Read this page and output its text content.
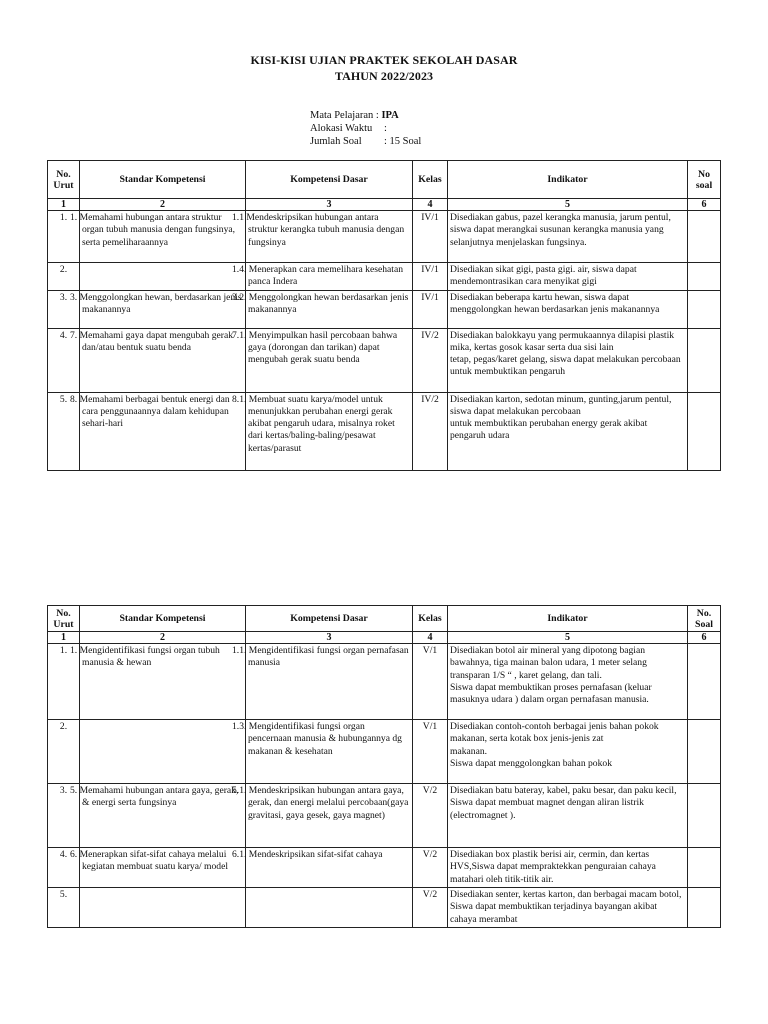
KISI-KISI UJIAN PRAKTEK SEKOLAH DASAR
TAHUN 2022/2023
Mata Pelajaran :
IPA
Alokasi Waktu	:
Jumlah Soal	: 15 Soal
No. Urut	Standar Kompetensi	Kompetensi Dasar	Kelas	Indikator	No soal
1	2	3	4	5	6
1.	1. Memahami hubungan antara struktur organ tubuh manusia dengan fungsinya, serta pemeliharaannya	1.1 Mendeskripsikan hubungan antara struktur kerangka tubuh manusia dengan fungsinya	IV/1	Disediakan gabus, pazel kerangka manusia, jarum pentul, siswa dapat merangkai susunan kerangka manusia yang selanjutnya menjelaskan fungsinya.	
2.		1.4. Menerapkan cara memelihara kesehatan panca Indera	IV/1	Disediakan sikat gigi, pasta gigi. air, siswa dapat mendemontrasikan cara menyikat gigi	
3.	3. Menggolongkan hewan, berdasarkan jenis makanannya	3.2. Menggolongkan hewan berdasarkan jenis makanannya	IV/1	Disediakan beberapa kartu hewan, siswa dapat menggolongkan hewan berdasarkan jenis makanannya	
4.	7. Memahami gaya dapat mengubah gerak dan/atau bentuk suatu benda	7.1. Menyimpulkan hasil percobaan bahwa gaya (dorongan dan tarikan) dapat mengubah gerak suatu benda	IV/2	Disediakan balokkayu yang permukaannya dilapisi plastik mika, kertas gosok kasar serta dua sisi lain
tetap, pegas/karet gelang, siswa dapat melakukan percobaan untuk membuktikan pengaruh	

5.	8. Memahami berbagai bentuk energi dan cara penggunaannya dalam kehidupan sehari-hari	8.1. Membuat suatu karya/model untuk menunjukkan perubahan energi gerak akibat pengaruh udara, misalnya roket dari kertas/baling-baling/pesawat kertas/parasut	IV/2	Disediakan karton, sedotan minum, gunting,jarum pentul, siswa dapat melakukan percobaan
untuk membuktikan perubahan energy gerak akibat pengaruh udara	

No. Urut	Standar Kompetensi	Kompetensi Dasar	Kelas	Indikator	No. Soal
1	2	3	4	5	6
1.	1. Mengidentifikasi fungsi organ tubuh manusia & hewan	1.1. Mengidentifikasi fungsi organ pernafasan manusia	V/1	Disediakan botol air mineral yang dipotong bagian bawahnya, tiga mainan balon udara, 1 meter selang transparan 1/S “ , karet gelang, dan tali.
Siswa dapat membuktikan proses pernafasan (keluar masuknya udara ) dalam organ pernafasan manusia.	

2.		1.3. Mengidentifikasi fungsi organ pencernaan manusia & hubungannya dg makanan & kesehatan	V/1	Disediakan contoh-contoh berbagai jenis bahan pokok makanan, serta kotak box jenis-jenis zat
makanan.
Siswa dapat menggolongkan bahan pokok	

3.	5. Memahami hubungan antara gaya, gerak, & energi serta fungsinya	5.1. Mendeskripsikan hubungan antara gaya, gerak, dan energi melalui percobaan(gaya gravitasi, gaya gesek, gaya magnet)	V/2	Disediakan batu bateray, kabel, paku besar, dan paku kecil, Siswa dapat membuat magnet dengan aliran listrik (electromagnet ).	

4.	6. Menerapkan sifat-sifat cahaya melalui kegiatan membuat suatu karya/ model	6.1. Mendeskripsikan sifat-sifat cahaya	V/2	Disediakan box plastik berisi air, cermin, dan kertas HVS,Siswa dapat mempraktekkan penguraian cahaya matahari oleh titik-titik air.	

5.			V/2	Disediakan senter, kertas karton, dan berbagai macam botol, Siswa dapat membuktikan terjadinya bayangan akibat cahaya merambat	
